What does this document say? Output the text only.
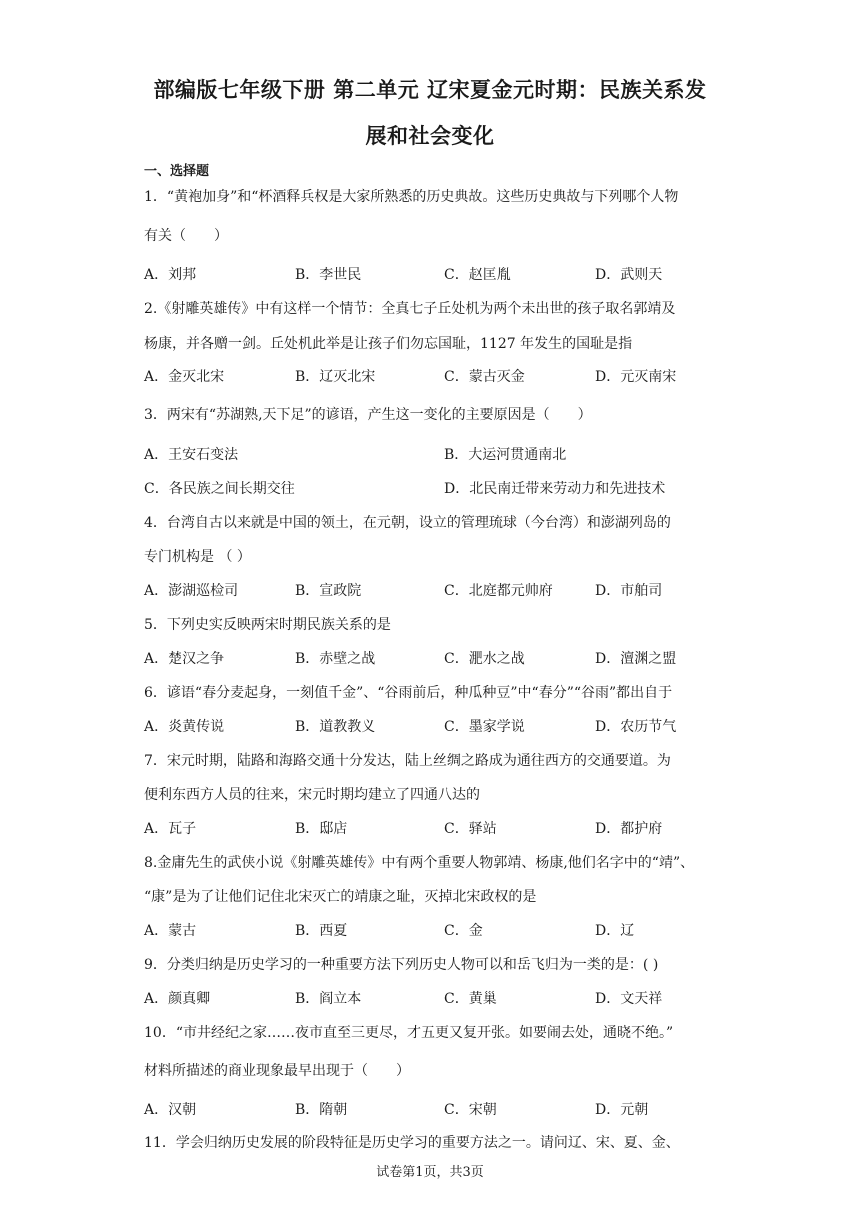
部编版七年级下册 第二单元 辽宋夏金元时期：民族关系发
展和社会变化
一、选择题
1．“黄袍加身”和“杯酒释兵权是大家所熟悉的历史典故。这些历史典故与下列哪个人物
有关（　　）
A．刘邦	B．李世民	C．赵匡胤	D．武则天
2.《射雕英雄传》中有这样一个情节：全真七子丘处机为两个未出世的孩子取名郭靖及
杨康，并各赠一剑。丘处机此举是让孩子们勿忘国耻，1127 年发生的国耻是指
A．金灭北宋	B．辽灭北宋	C．蒙古灭金	D．元灭南宋
3．两宋有“苏湖熟,天下足”的谚语，产生这一变化的主要原因是（　　）
A．王安石变法	B．大运河贯通南北
C．各民族之间长期交往	D．北民南迁带来劳动力和先进技术
4．台湾自古以来就是中国的领土，在元朝，设立的管理琉球（今台湾）和澎湖列岛的
专门机构是 （ ）
A．澎湖巡检司	B．宣政院	C．北庭都元帅府	D．市舶司
5．下列史实反映两宋时期民族关系的是
A．楚汉之争	B．赤壁之战	C．淝水之战	D．澶渊之盟
6．谚语“春分麦起身，一刻值千金”、“谷雨前后，种瓜种豆”中“春分”“谷雨”都出自于
A．炎黄传说	B．道教教义	C．墨家学说	D．农历节气
7．宋元时期，陆路和海路交通十分发达，陆上丝绸之路成为通往西方的交通要道。为
便利东西方人员的往来，宋元时期均建立了四通八达的
A．瓦子	B．邸店	C．驿站	D．都护府
8.金庸先生的武侠小说《射雕英雄传》中有两个重要人物郭靖、杨康,他们名字中的“靖”、
“康”是为了让他们记住北宋灭亡的靖康之耻，灭掉北宋政权的是
A．蒙古	B．西夏	C．金	D．辽
9．分类归纳是历史学习的一种重要方法下列历史人物可以和岳飞归为一类的是：( )
A．颜真卿	B．阎立本	C．黄巢	D．文天祥
10．“市井经纪之家……夜市直至三更尽，才五更又复开张。如要闹去处，通晓不绝。”
材料所描述的商业现象最早出现于（　　）
A．汉朝	B．隋朝	C．宋朝	D．元朝
11．学会归纳历史发展的阶段特征是历史学习的重要方法之一。请问辽、宋、夏、金、
试卷第1页，共3页
